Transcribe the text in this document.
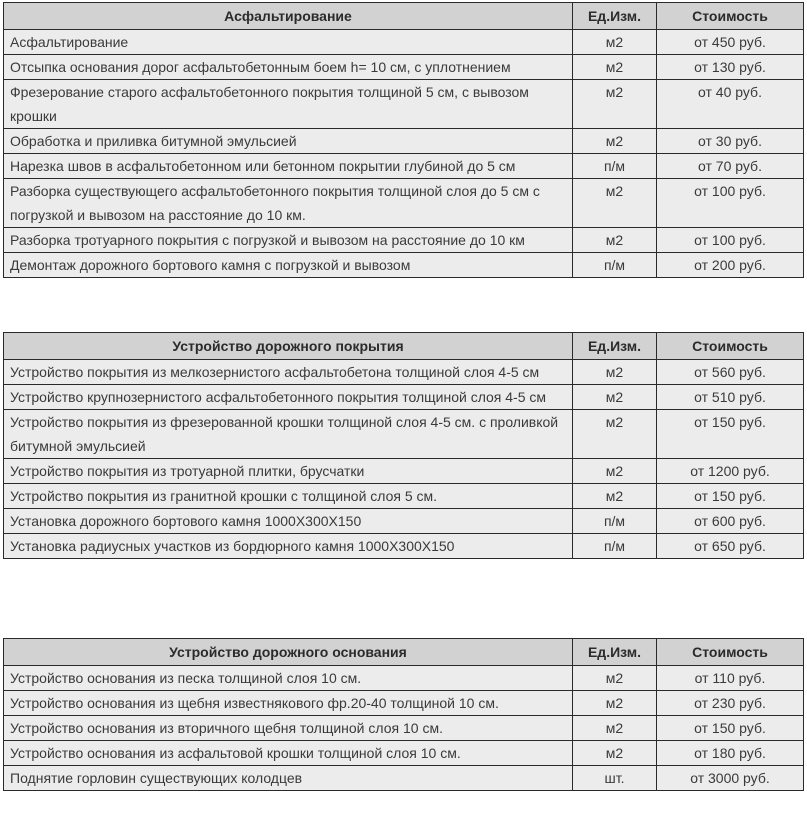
Асфальтирование	Ед.Изм.	Стоимость
Асфальтирование	м2	от 450 руб.
Отсыпка основания дорог асфальтобетонным боем h= 10 см, с уплотнением	м2	от 130 руб.
Фрезерование старого асфальтобетонного покрытия толщиной 5 см, с вывозом крошки	м2	от 40 руб.
Обработка и приливка битумной эмульсией	м2	от 30 руб.
Нарезка швов в асфальтобетонном или бетонном покрытии глубиной до 5 см	п/м	от 70 руб.
Разборка существующего асфальтобетонного покрытия толщиной слоя до 5 см с погрузкой и вывозом на расстояние до 10 км.	м2	от 100 руб.
Разборка тротуарного покрытия с погрузкой и вывозом на расстояние до 10 км	м2	от 100 руб.
Демонтаж дорожного бортового камня с погрузкой и вывозом	п/м	от 200 руб.
Устройство дорожного покрытия	Ед.Изм.	Стоимость
Устройство покрытия из мелкозернистого асфальтобетона толщиной слоя 4-5 см	м2	от 560 руб.
Устройство крупнозернистого асфальтобетонного покрытия толщиной слоя 4-5 см	м2	от 510 руб.
Устройство покрытия из фрезерованной крошки толщиной слоя 4-5 см. с проливкой битумной эмульсией	м2	от 150 руб.
Устройство покрытия из тротуарной плитки, брусчатки	м2	от 1200 руб.
Устройство покрытия из гранитной крошки с толщиной слоя 5 см.	м2	от 150 руб.
Установка дорожного бортового камня 1000Х300Х150	п/м	от 600 руб.
Установка радиусных участков из бордюрного камня 1000Х300Х150	п/м	от 650 руб.
Устройство дорожного основания	Ед.Изм.	Стоимость
Устройство основания из песка толщиной слоя 10 см.	м2	от 110 руб.
Устройство основания из щебня известнякового фр.20-40 толщиной 10 см.	м2	от 230 руб.
Устройство основания из вторичного щебня толщиной слоя 10 см.	м2	от 150 руб.
Устройство основания из асфальтовой крошки толщиной слоя 10 см.	м2	от 180 руб.
Поднятие горловин существующих колодцев	шт.	от 3000 руб.
